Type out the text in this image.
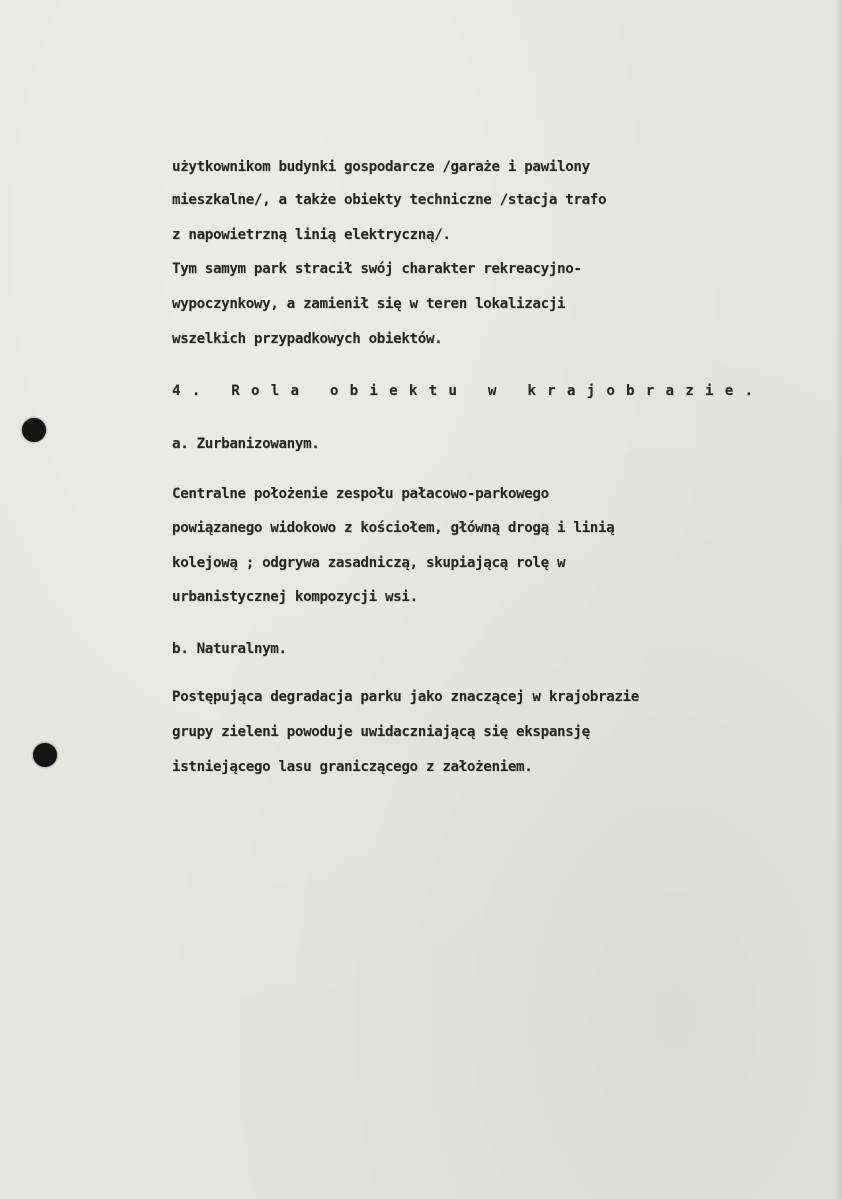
użytkownikom budynki gospodarcze /garaże i pawilony

mieszkalne/, a także obiekty techniczne /stacja trafo

z napowietrzną linią elektryczną/.

Tym samym park stracił swój charakter rekreacyjno-

wypoczynkowy, a zamienił się w teren lokalizacji

wszelkich przypadkowych obiektów.

4. Rola obiektu w krajobrazie.

a. Zurbanizowanym.

Centralne położenie zespołu pałacowo-parkowego

powiązanego widokowo z kościołem, główną drogą i linią

kolejową ; odgrywa zasadniczą, skupiającą rolę w

urbanistycznej kompozycji wsi.

b. Naturalnym.

Postępująca degradacja parku jako znaczącej w krajobrazie

grupy zieleni powoduje uwidaczniającą się ekspansję

istniejącego lasu graniczącego z założeniem.
